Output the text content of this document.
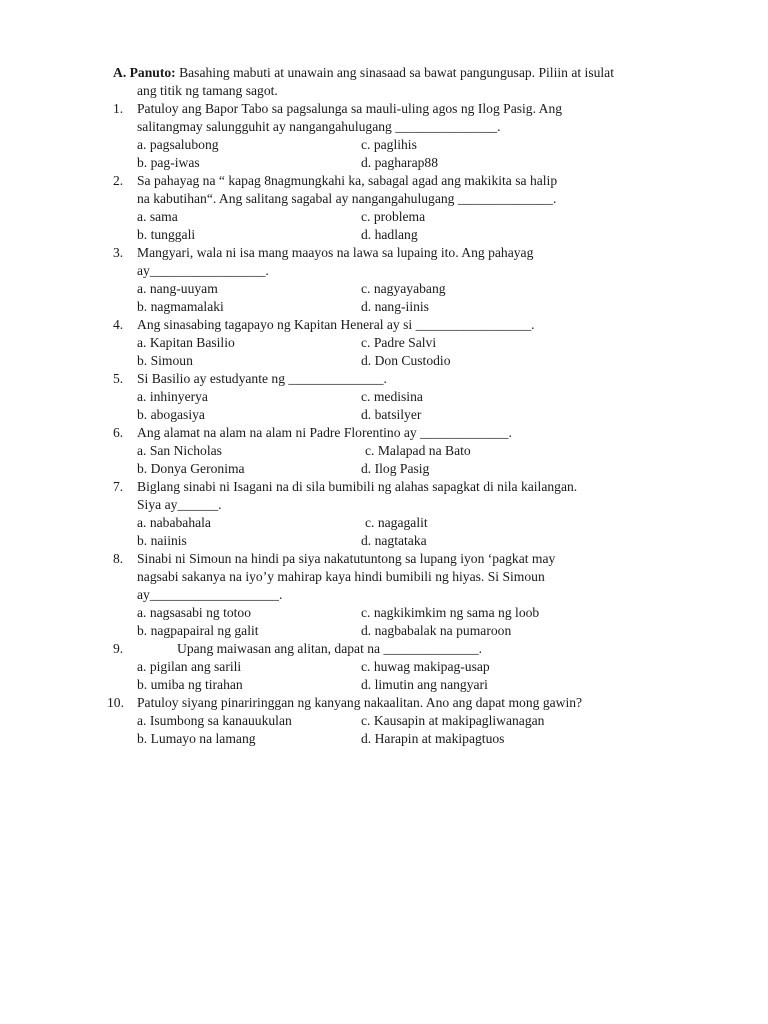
A. Panuto: Basahing mabuti at unawain ang sinasaad sa bawat pangungusap. Piliin at isulat
ang titik ng tamang sagot.
1. Patuloy ang Bapor Tabo sa pagsalunga sa mauli-uling agos ng Ilog Pasig. Ang
salitangmay salungguhit ay nangangahulugang _______________.
a. pagsalubong	c. paglihis
b. pag-iwas	d. pagharap88
2. Sa pahayag na “ kapag 8nagmungkahi ka, sabagal agad ang makikita sa halip
na kabutihan“. Ang salitang sagabal ay nangangahulugang ______________.
a. sama	c. problema
b. tunggali	d. hadlang
3. Mangyari, wala ni isa mang maayos na lawa sa lupaing ito. Ang pahayag
ay_________________.
a. nang-uuyam	c. nagyayabang
b. nagmamalaki	d. nang-iinis
4. Ang sinasabing tagapayo ng Kapitan Heneral ay si _________________.
a. Kapitan Basilio	c. Padre Salvi
b. Simoun	d. Don Custodio
5. Si Basilio ay estudyante ng ______________.
a. inhinyerya	c. medisina
b. abogasiya	d. batsilyer
6. Ang alamat na alam na alam ni Padre Florentino ay _____________.
a. San Nicholas	c. Malapad na Bato
b. Donya Geronima	d. Ilog Pasig
7. Biglang sinabi ni Isagani na di sila bumibili ng alahas sapagkat di nila kailangan.
Siya ay______.
a. nababahala	c. nagagalit
b. naiinis	d. nagtataka
8. Sinabi ni Simoun na hindi pa siya nakatutuntong sa lupang iyon ‘pagkat may
nagsabi sakanya na iyo’y mahirap kaya hindi bumibili ng hiyas. Si Simoun
ay___________________.
a. nagsasabi ng totoo	c. nagkikimkim ng sama ng loob
b. nagpapairal ng galit	d. nagbabalak na pumaroon
9.	Upang maiwasan ang alitan, dapat na ______________.
a. pigilan ang sarili	c. huwag makipag-usap
b. umiba ng tirahan	d. limutin ang nangyari
10. Patuloy siyang pinariringgan ng kanyang nakaalitan. Ano ang dapat mong gawin?
a. Isumbong sa kanauukulan	c. Kausapin at makipagliwanagan
b. Lumayo na lamang	d. Harapin at makipagtuos
